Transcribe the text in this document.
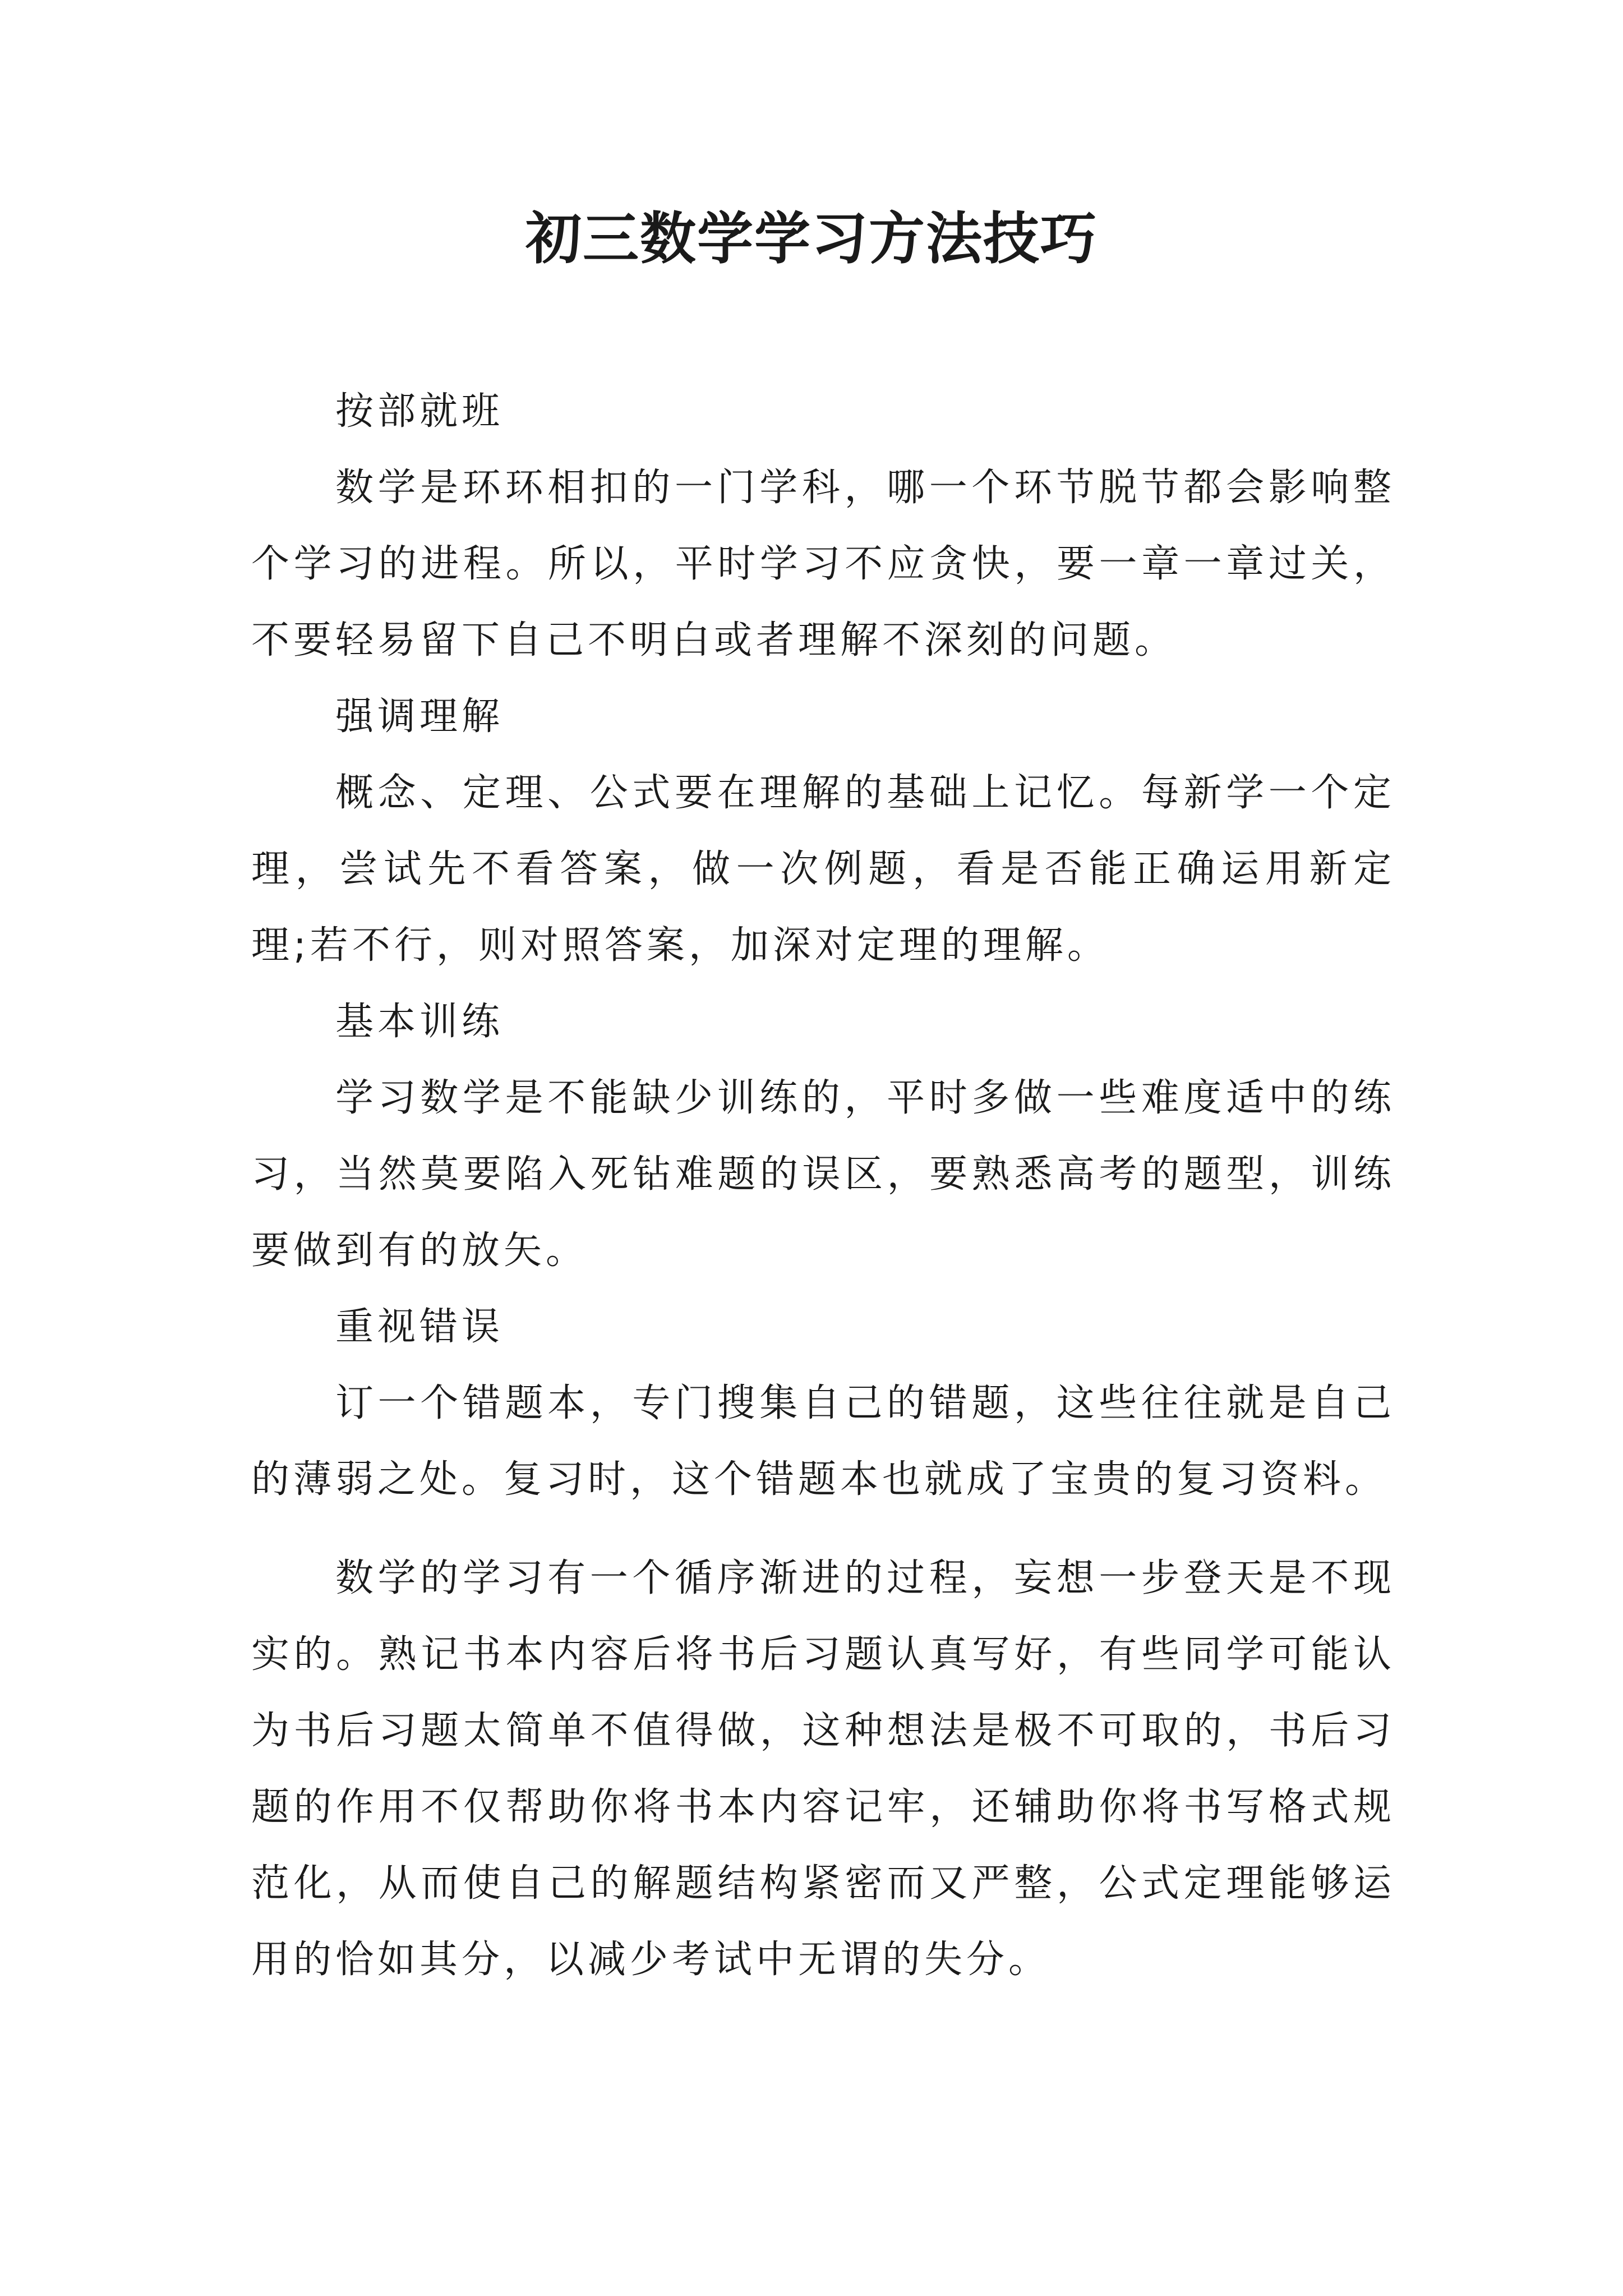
初三数学学习方法技巧

按部就班

数学是环环相扣的一门学科，哪一个环节脱节都会影响整个学习的进程。所以，平时学习不应贪快，要一章一章过关，不要轻易留下自己不明白或者理解不深刻的问题。

强调理解

概念、定理、公式要在理解的基础上记忆。每新学一个定理，尝试先不看答案，做一次例题，看是否能正确运用新定理;若不行，则对照答案，加深对定理的理解。

基本训练

学习数学是不能缺少训练的，平时多做一些难度适中的练习，当然莫要陷入死钻难题的误区，要熟悉高考的题型，训练要做到有的放矢。

重视错误

订一个错题本，专门搜集自己的错题，这些往往就是自己的薄弱之处。复习时，这个错题本也就成了宝贵的复习资料。

数学的学习有一个循序渐进的过程，妄想一步登天是不现实的。熟记书本内容后将书后习题认真写好，有些同学可能认为书后习题太简单不值得做，这种想法是极不可取的，书后习题的作用不仅帮助你将书本内容记牢，还辅助你将书写格式规范化，从而使自己的解题结构紧密而又严整，公式定理能够运用的恰如其分，以减少考试中无谓的失分。
